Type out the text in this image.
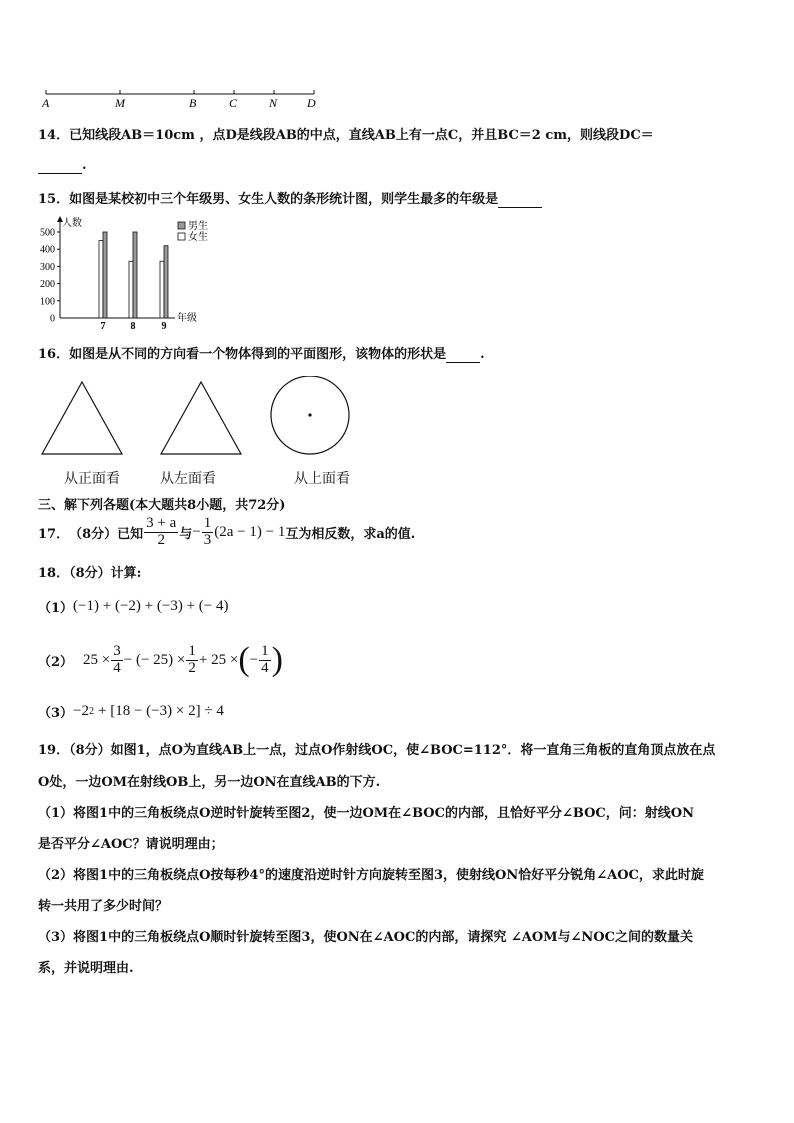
A	M	B	C	N D
14．已知线段AB＝10cm ，点D是线段AB的中点，直线AB上有一点C，并且BC＝2 cm，则线段DC＝
.
15．如图是某校初中三个年级男、女生人数的条形统计图，则学生最多的年级是
0
100
200
300
400
500
人数
年级
7	8	9
男生
女生
16．如图是从不同的方向看一个物体得到的平面图形，该物体的形状是	.
从正面看	从左面看	从上面看
三、解下列各题(本大题共8小题，共72分)
17． （8分） 已知 $\frac{3 + a}{2}$ 与 − $\frac{1}{3} (2a - 1) - 1$ 互为相反数，求a的值.
18．（8分）计算:
（1） (−1) + (−2) + (−3) + (− 4)
（2） $25 \times \frac{3}{4}$ − (− $25) \times \frac{1}{2} + 25$ × ( − $\frac{1}{4}$ )
（3） −2 2 + [18 − (−3) × 2] ÷ 4
19．（8分）如图1，点O为直线AB上一点，过点O作射线OC，使∠BOC=112°．将一直角三角板的直角顶点放在点
O处，一边OM在射线OB上，另一边ON在直线AB的下方.
（1）将图1中的三角板绕点O逆时针旋转至图2，使一边OM在∠BOC的内部，且恰好平分∠BOC，问：射线ON
是否平分∠AOC？请说明理由；
（2）将图1中的三角板绕点O按每秒4°的速度沿逆时针方向旋转至图3，使射线ON恰好平分锐角∠AOC，求此时旋
转一共用了多少时间？
（3）将图1中的三角板绕点O顺时针旋转至图3，使ON在∠AOC的内部，请探究 ∠AOM与∠NOC之间的数量关
系，并说明理由.
